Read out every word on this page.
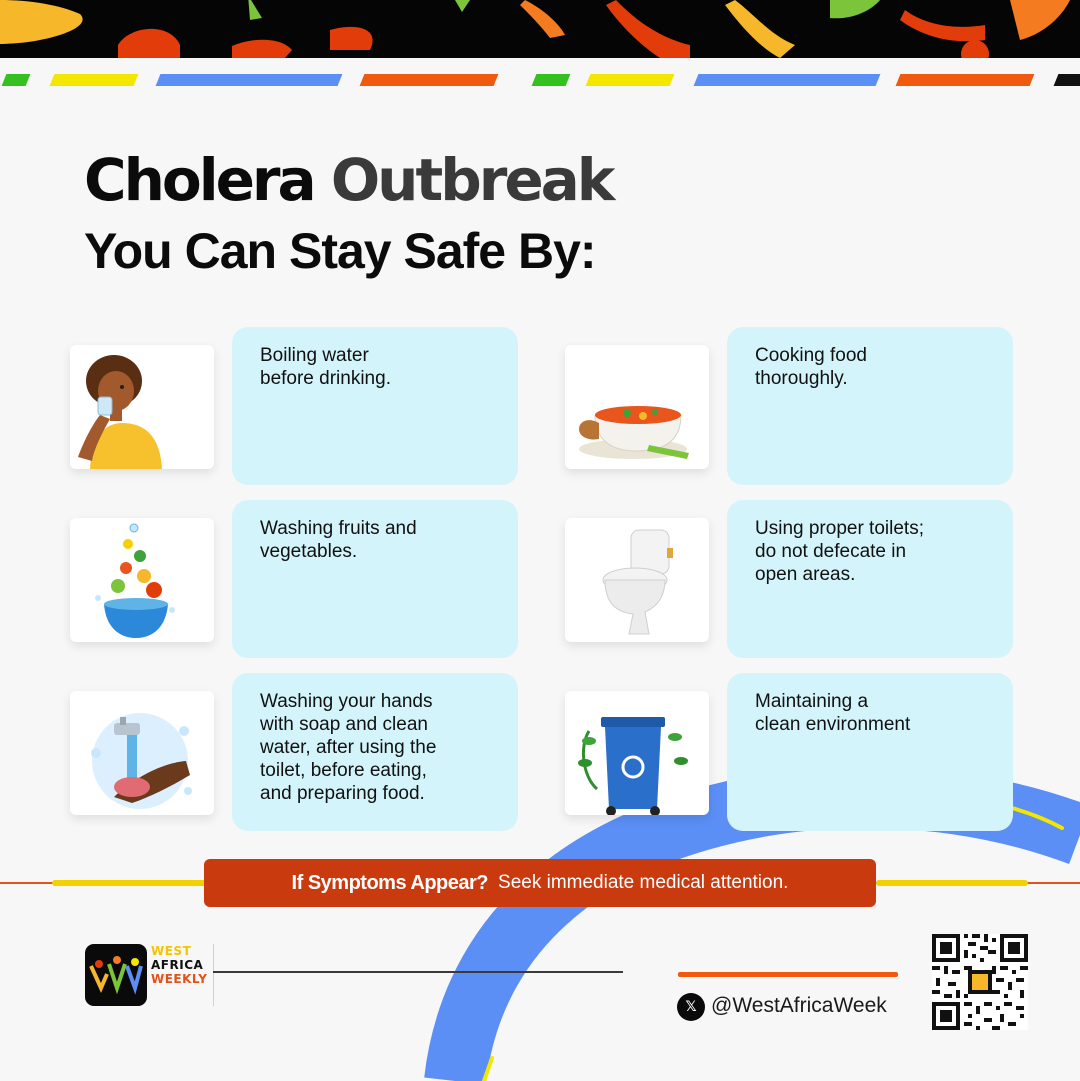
Cholera Outbreak
You Can Stay Safe By:
Boiling water
before drinking.
Cooking food
thoroughly.
Washing fruits and
vegetables.
Using proper toilets;
do not defecate in
open areas.
Washing your hands
with soap and clean
water, after using the
toilet, before eating,
and preparing food.
Maintaining a
clean environment
If Symptoms Appear? Seek immediate medical attention.
WEST
AFRICA
WEEKLY
𝕏 @WestAfricaWeek
